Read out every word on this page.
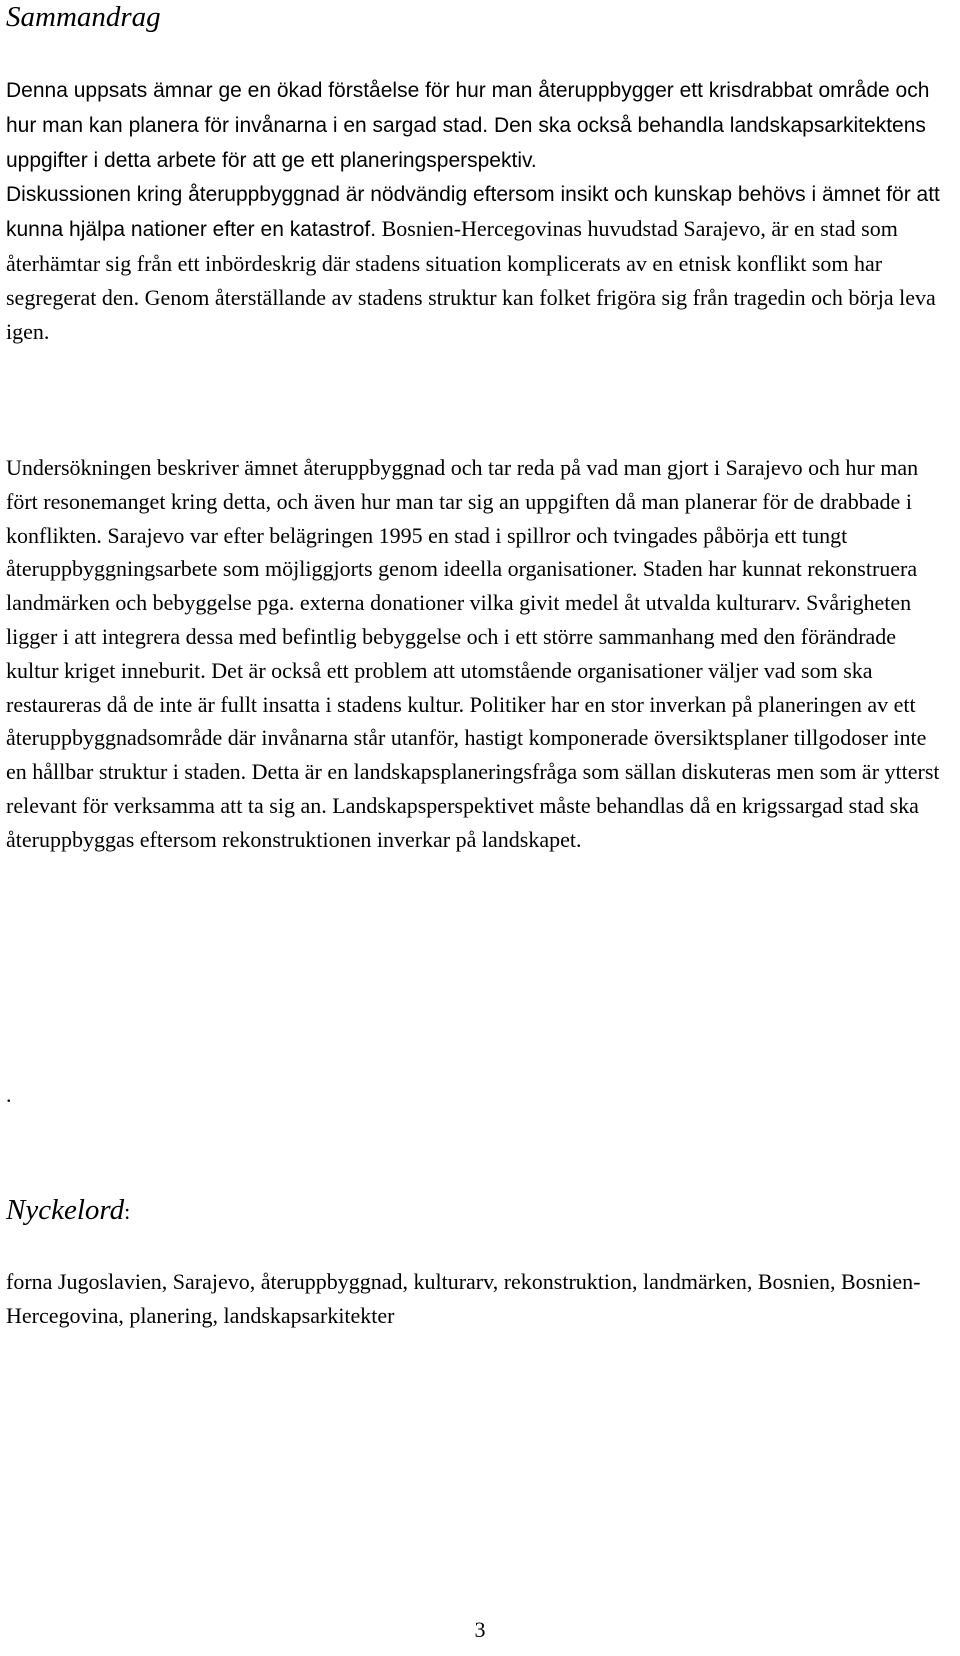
Sammandrag

Denna uppsats ämnar ge en ökad förståelse för hur man återuppbygger ett krisdrabbat område och hur man kan planera för invånarna i en sargad stad. Den ska också behandla landskapsarkitektens uppgifter i detta arbete för att ge ett planeringsperspektiv.
Diskussionen kring återuppbyggnad är nödvändig eftersom insikt och kunskap behövs i ämnet för att kunna hjälpa nationer efter en katastrof. Bosnien-Hercegovinas huvudstad Sarajevo, är en stad som återhämtar sig från ett inbördeskrig där stadens situation komplicerats av en etnisk konflikt som har segregerat den. Genom återställande av stadens struktur kan folket frigöra sig från tragedin och börja leva igen.

Undersökningen beskriver ämnet återuppbyggnad och tar reda på vad man gjort i Sarajevo och hur man fört resonemanget kring detta, och även hur man tar sig an uppgiften då man planerar för de drabbade i konflikten. Sarajevo var efter belägringen 1995 en stad i spillror och tvingades påbörja ett tungt återuppbyggningsarbete som möjliggjorts genom ideella organisationer. Staden har kunnat rekonstruera landmärken och bebyggelse pga. externa donationer vilka givit medel åt utvalda kulturarv. Svårigheten ligger i att integrera dessa med befintlig bebyggelse och i ett större sammanhang med den förändrade kultur kriget inneburit. Det är också ett problem att utomstående organisationer väljer vad som ska restaureras då de inte är fullt insatta i stadens kultur. Politiker har en stor inverkan på planeringen av ett återuppbyggnadsområde där invånarna står utanför, hastigt komponerade översiktsplaner tillgodoser inte en hållbar struktur i staden. Detta är en landskapsplaneringsfråga som sällan diskuteras men som är ytterst relevant för verksamma att ta sig an. Landskapsperspektivet måste behandlas då en krigssargad stad ska återuppbyggas eftersom rekonstruktionen inverkar på landskapet.

.

Nyckelord:

forna Jugoslavien, Sarajevo, återuppbyggnad, kulturarv, rekonstruktion, landmärken, Bosnien, Bosnien-Hercegovina, planering, landskapsarkitekter

3
